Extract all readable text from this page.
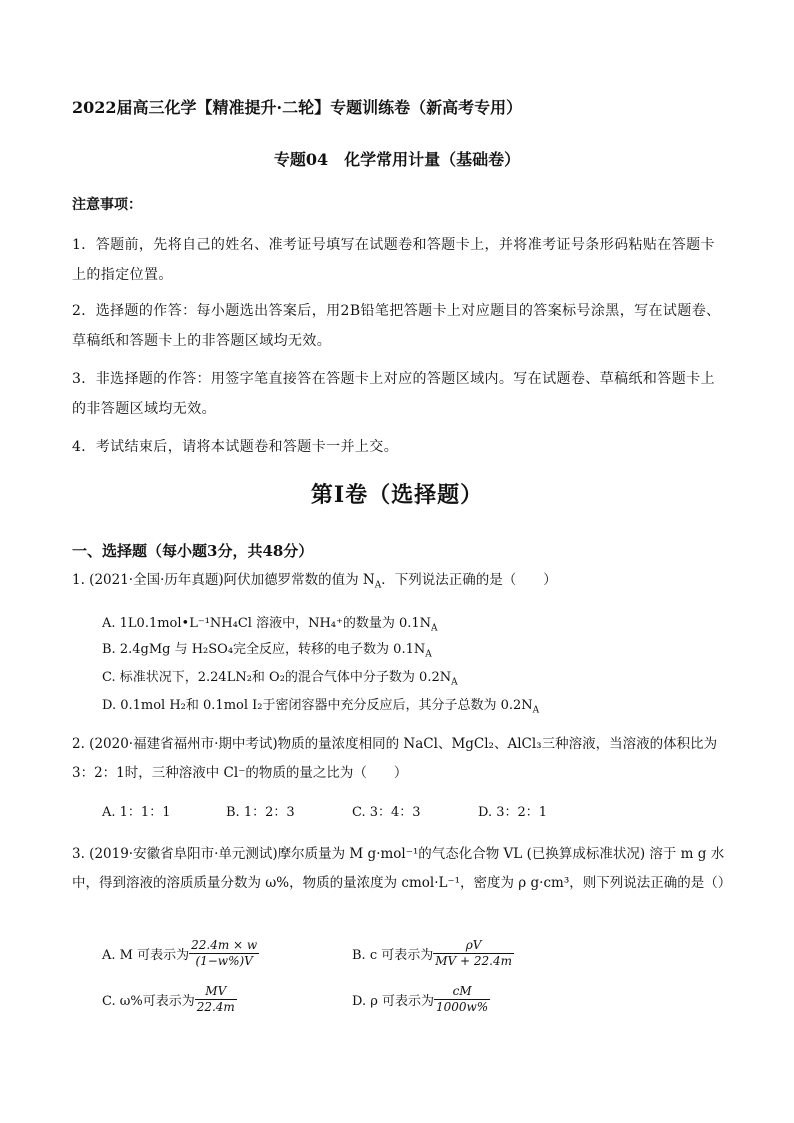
2022届高三化学【精准提升·二轮】专题训练卷（新高考专用）
专题04　化学常用计量（基础卷）
注意事项：
1．答题前，先将自己的姓名、准考证号填写在试题卷和答题卡上，并将准考证号条形码粘贴在答题卡上的指定位置。
2．选择题的作答：每小题选出答案后，用2B铅笔把答题卡上对应题目的答案标号涂黑，写在试题卷、草稿纸和答题卡上的非答题区域均无效。
3．非选择题的作答：用签字笔直接答在答题卡上对应的答题区域内。写在试题卷、草稿纸和答题卡上的非答题区域均无效。
4．考试结束后，请将本试题卷和答题卡一并上交。
第Ⅰ卷（选择题）
一、选择题（每小题3分，共48分）
1. (2021·全国·历年真题)阿伏加德罗常数的值为 $N_A$．下列说法正确的是（　　）
A. 1L0.1mol•L⁻¹NH₄Cl 溶液中，NH₄⁺的数量为 $0.1N_A$
B. 2.4gMg 与 H₂SO₄完全反应，转移的电子数为 $0.1N_A$
C. 标准状况下，2.24LN₂和 O₂的混合气体中分子数为 $0.2N_A$
D. 0.1mol H₂和 0.1mol I₂于密闭容器中充分反应后，其分子总数为 $0.2N_A$
2. (2020·福建省福州市·期中考试)物质的量浓度相同的 NaCl、MgCl₂、AlCl₃三种溶液，当溶液的体积比为 3：2：1时，三种溶液中 Cl⁻的物质的量之比为（　　）
A. 1：1：1	B. 1：2：3	C. 3：4：3	D. 3：2：1
3. (2019·安徽省阜阳市·单元测试)摩尔质量为 M g·mol⁻¹的气态化合物 VL (已换算成标准状况) 溶于 m g 水中，得到溶液的溶质质量分数为 ω%，物质的量浓度为 cmol·L⁻¹，密度为 ρ g·cm³，则下列说法正确的是（）
A. M 可表示为 $\frac{22.4m \times w}{(1-w\%)V}$	B. c 可表示为 $\frac{\rho V}{MV + 22.4m}$
C. ω%可表示为 $\frac{MV}{22.4m}$	D. ρ 可表示为 $\frac{cM}{1000w\%}$
